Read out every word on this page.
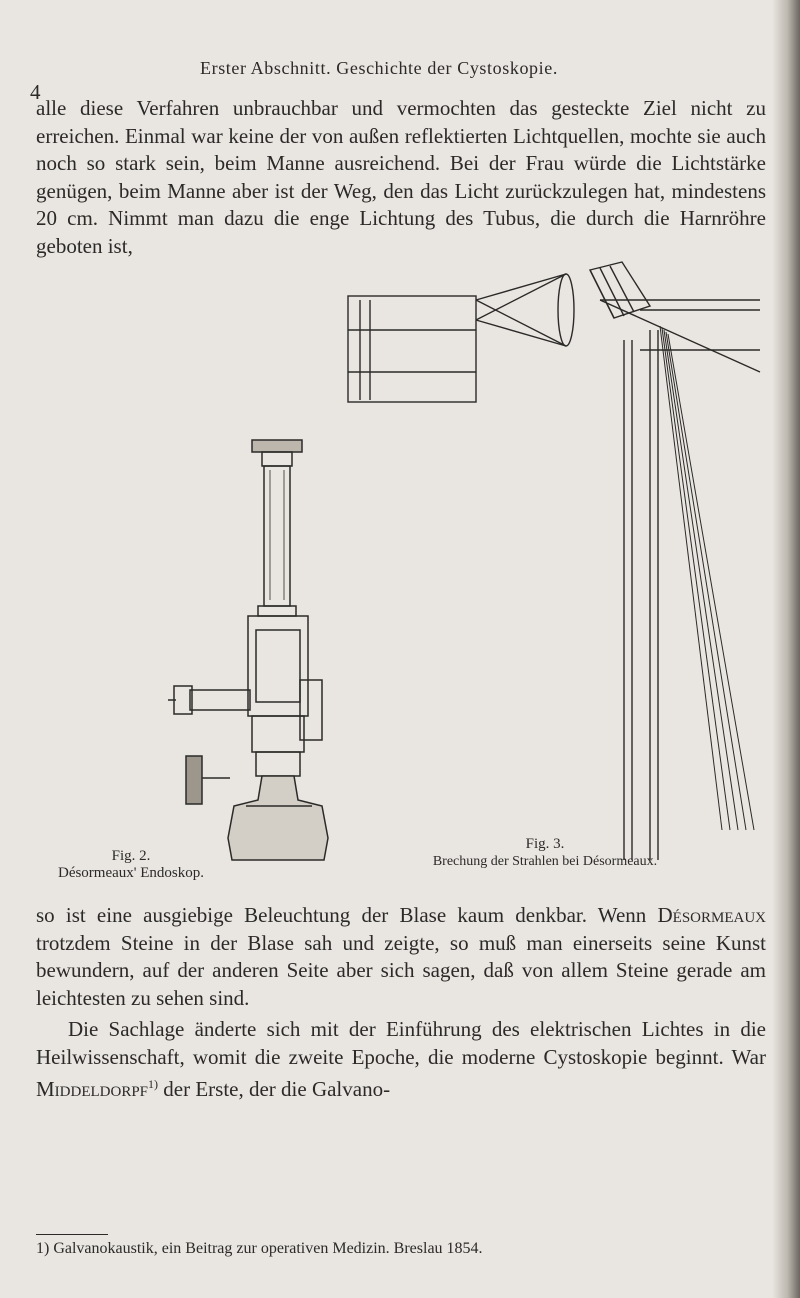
4
Erster Abschnitt. Geschichte der Cystoskopie.

alle diese Verfahren unbrauchbar und vermochten das gesteckte Ziel nicht zu erreichen. Einmal war keine der von außen reflektierten Lichtquellen, mochte sie auch noch so stark sein, beim Manne ausreichend. Bei der Frau würde die Lichtstärke genügen, beim Manne aber ist der Weg, den das Licht zurückzulegen hat, mindestens 20 cm. Nimmt man dazu die enge Lichtung des Tubus, die durch die Harnröhre geboten ist,

Fig. 2.
Désormeaux' Endoskop.
Fig. 3.
Brechung der Strahlen bei Désormeaux.

so ist eine ausgiebige Beleuchtung der Blase kaum denkbar. Wenn Désormeaux trotzdem Steine in der Blase sah und zeigte, so muß man einerseits seine Kunst bewundern, auf der anderen Seite aber sich sagen, daß von allem Steine gerade am leichtesten zu sehen sind.

Die Sachlage änderte sich mit der Einführung des elektrischen Lichtes in die Heilwissenschaft, womit die zweite Epoche, die moderne Cystoskopie beginnt. War Middeldorpf$^{1)}$ der Erste, der die Galvano-

1) Galvanokaustik, ein Beitrag zur operativen Medizin. Breslau 1854.
